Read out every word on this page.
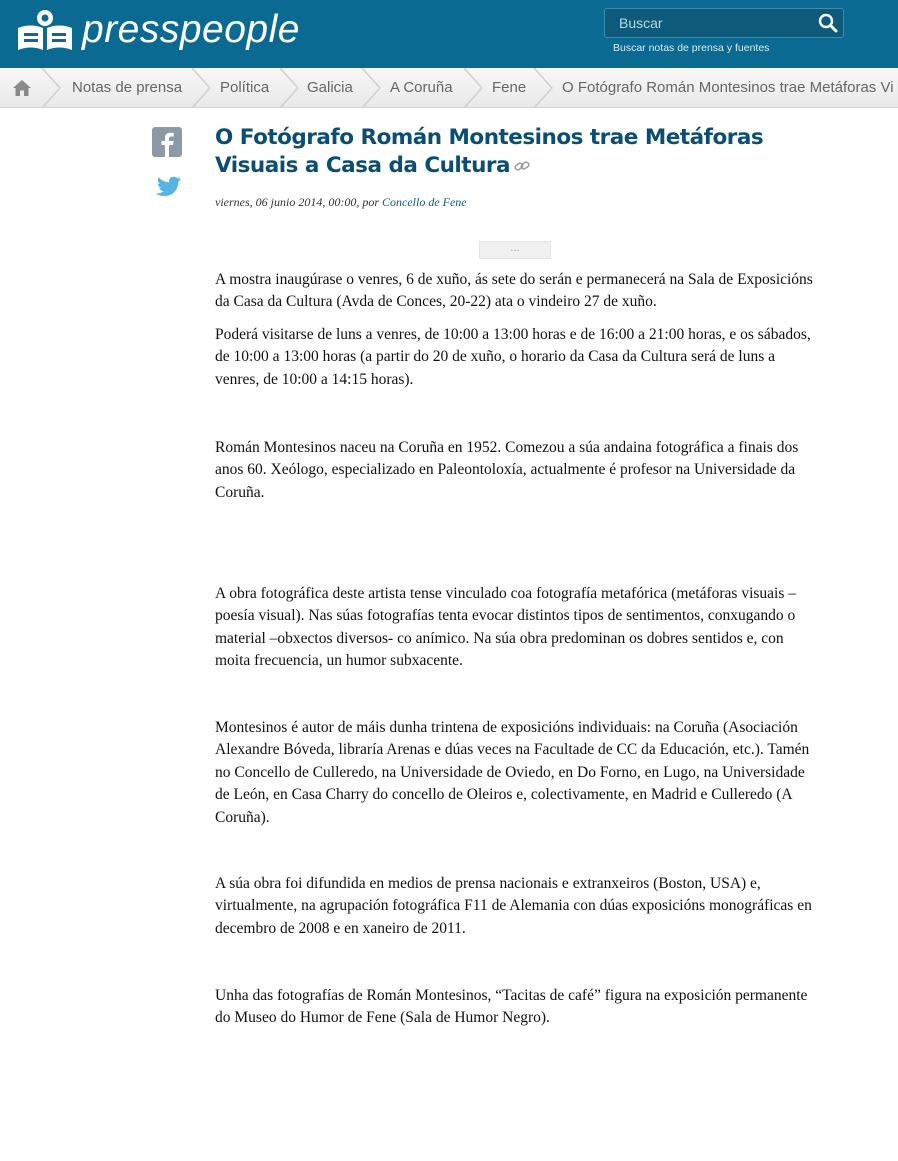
presspeople
Buscar	Buscar notas de prensa y fuentes
Notas de prensa	Política	Galicia A Coruña	Fene O Fotógrafo Román Montesinos trae Metáforas Vi
O Fotógrafo Román Montesinos trae Metáforas Visuais a Casa da Cultura
viernes, 06 junio 2014, 00:00, por Concello de Fene
...

A mostra inaugúrase o venres, 6 de xuño, ás sete do serán e permanecerá na Sala de Exposicións da Casa da Cultura (Avda de Conces, 20-22) ata o vindeiro 27 de xuño.

Poderá visitarse de luns a venres, de 10:00 a 13:00 horas e de 16:00 a 21:00 horas, e os sábados, de 10:00 a 13:00 horas (a partir do 20 de xuño, o horario da Casa da Cultura será de luns a venres, de 10:00 a 14:15 horas).

Román Montesinos naceu na Coruña en 1952. Comezou a súa andaina fotográfica a finais dos anos 60. Xeólogo, especializado en Paleontoloxía, actualmente é profesor na Universidade da Coruña.

A obra fotográfica deste artista tense vinculado coa fotografía metafórica (metáforas visuais – poesía visual). Nas súas fotografías tenta evocar distintos tipos de sentimentos, conxugando o material –obxectos diversos- co anímico. Na súa obra predominan os dobres sentidos e, con moita frecuencia, un humor subxacente.

Montesinos é autor de máis dunha trintena de exposicións individuais: na Coruña (Asociación Alexandre Bóveda, libraría Arenas e dúas veces na Facultade de CC da Educación, etc.). Tamén no Concello de Culleredo, na Universidade de Oviedo, en Do Forno, en Lugo, na Universidade de León, en Casa Charry do concello de Oleiros e, colectivamente, en Madrid e Culleredo (A Coruña).

A súa obra foi difundida en medios de prensa nacionais e extranxeiros (Boston, USA) e, virtualmente, na agrupación fotográfica F11 de Alemania con dúas exposicións monográficas en decembro de 2008 e en xaneiro de 2011.

Unha das fotografías de Román Montesinos, “Tacitas de café” figura na exposición permanente do Museo do Humor de Fene (Sala de Humor Negro).
